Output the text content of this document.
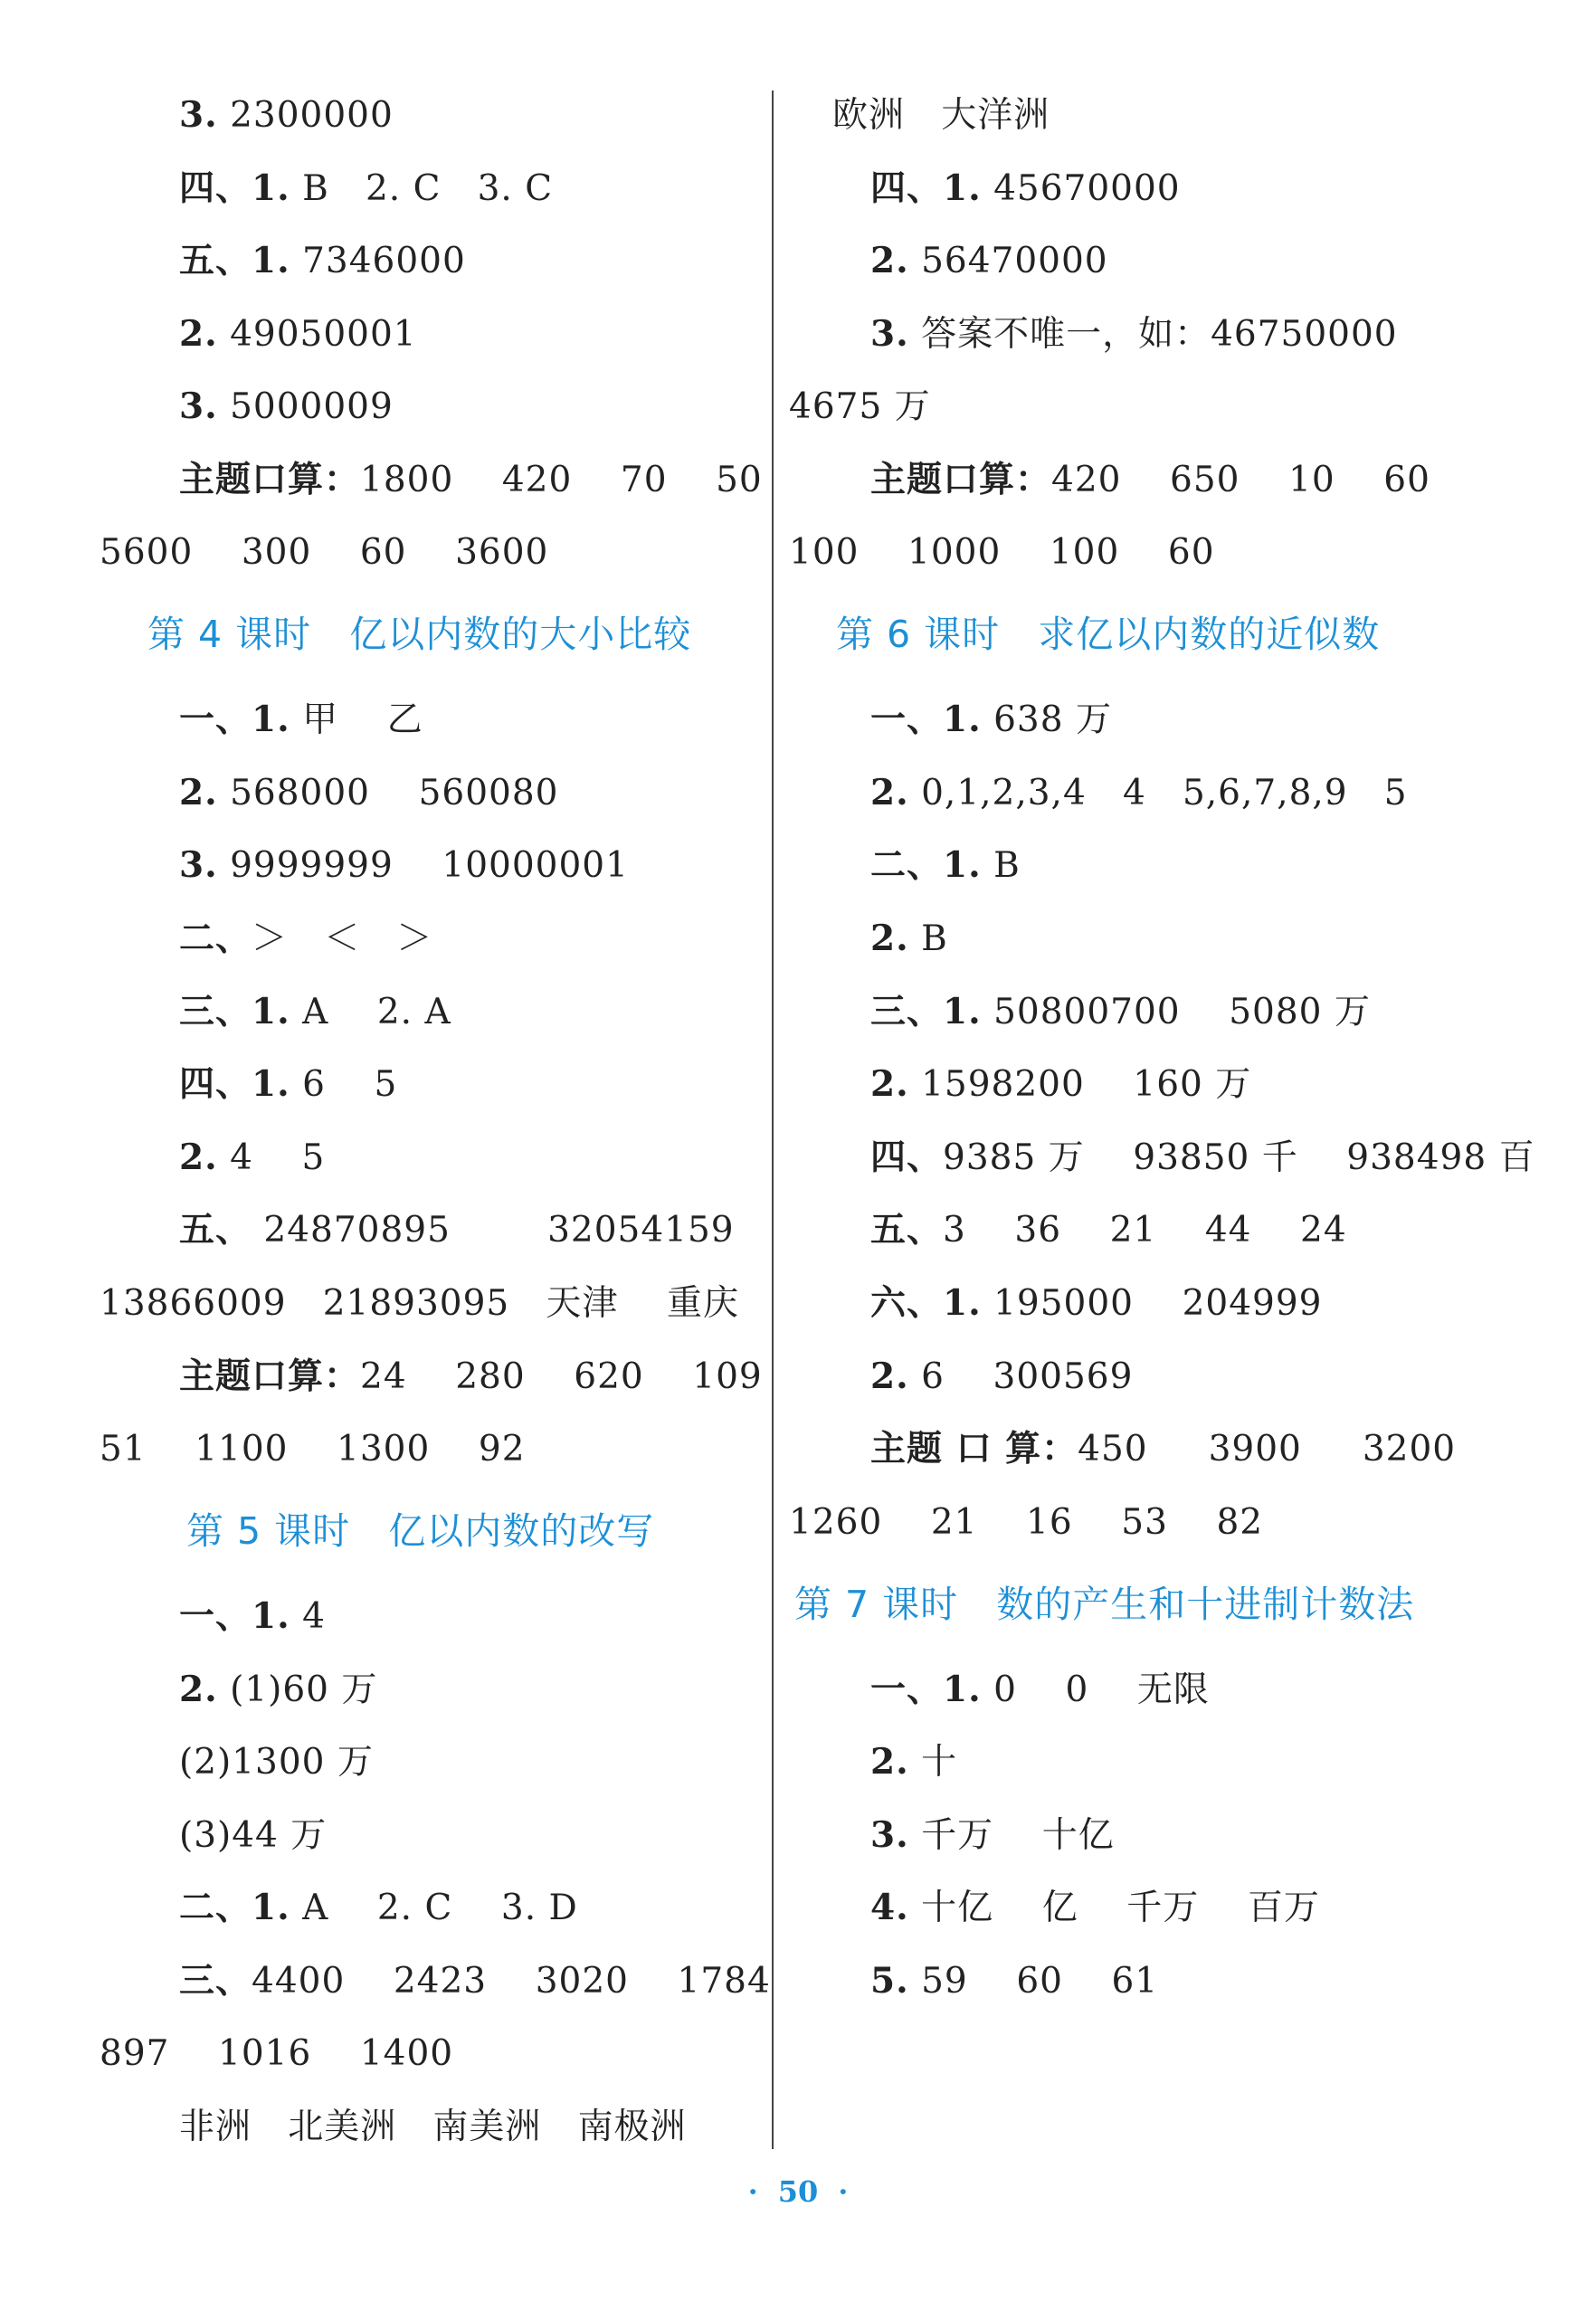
3. 2300000
四、1. B   2. C   3. C
五、1. 7346000
2. 49050001
3. 5000009
主题口算：1800    420    70    50
5600    300    60    3600
第 4 课时   亿以内数的大小比较
一、1. 甲    乙
2. 568000    560080
3. 9999999    10000001
二、＞   ＜   ＞
三、1. A    2. A
四、1. 6    5
2. 4    5
五、 24870895        32054159
13866009   21893095   天津    重庆
主题口算：24    280    620    109
51    1100    1300    92
第 5 课时   亿以内数的改写
一、1. 4
2. (1)60 万
(2)1300 万
(3)44 万
二、1. A    2. C    3. D
三、4400    2423    3020    1784
897    1016    1400
非洲   北美洲   南美洲   南极洲
欧洲   大洋洲
四、1. 45670000
2. 56470000
3. 答案不唯一，如：46750000
4675 万
主题口算：420    650    10    60
100    1000    100    60
第 6 课时   求亿以内数的近似数
一、1. 638 万
2. 0,1,2,3,4   4   5,6,7,8,9   5
二、1. B
2. B
三、1. 50800700    5080 万
2. 1598200    160 万
四、9385 万    93850 千    938498 百
五、3    36    21    44    24
六、1. 195000    204999
2. 6    300569
主题 口 算：450     3900     3200
1260    21    16    53    82
第 7 课时   数的产生和十进制计数法
一、1. 0    0    无限
2. 十
3. 千万    十亿
4. 十亿    亿    千万    百万
5. 59    60    61
· 50 ·
